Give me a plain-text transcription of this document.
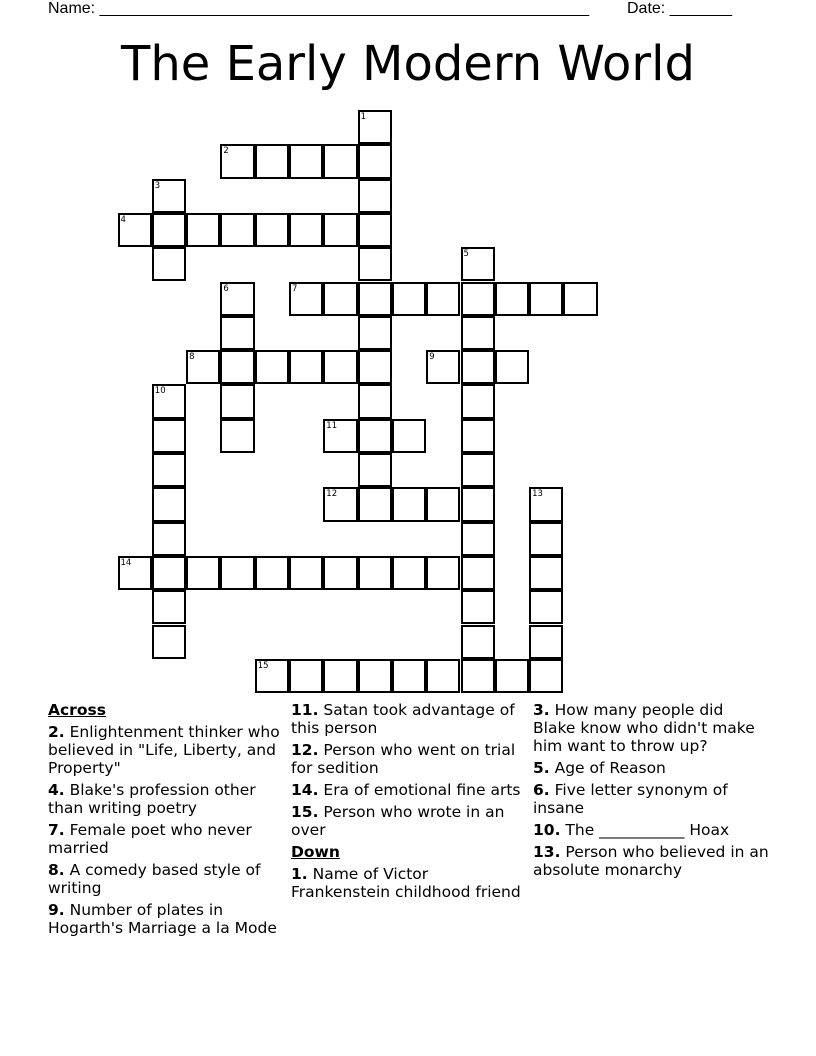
Name: _______________________________________________________ Date: _______
The Early Modern World
1
2
3
4
5
6	7
8	9
10
11
12	13
14
15
Across
2. Enlightenment thinker who believed in "Life, Liberty, and Property"
4. Blake's profession other than writing poetry
7. Female poet who never married
8. A comedy based style of writing
9. Number of plates in Hogarth's Marriage a la Mode
11. Satan took advantage of this person
12. Person who went on trial for sedition
14. Era of emotional fine arts
15. Person who wrote in an over
Down
1. Name of Victor Frankenstein childhood friend
3. How many people did Blake know who didn't make him want to throw up?
5. Age of Reason
6. Five letter synonym of insane
10. The ___________ Hoax
13. Person who believed in an absolute monarchy
